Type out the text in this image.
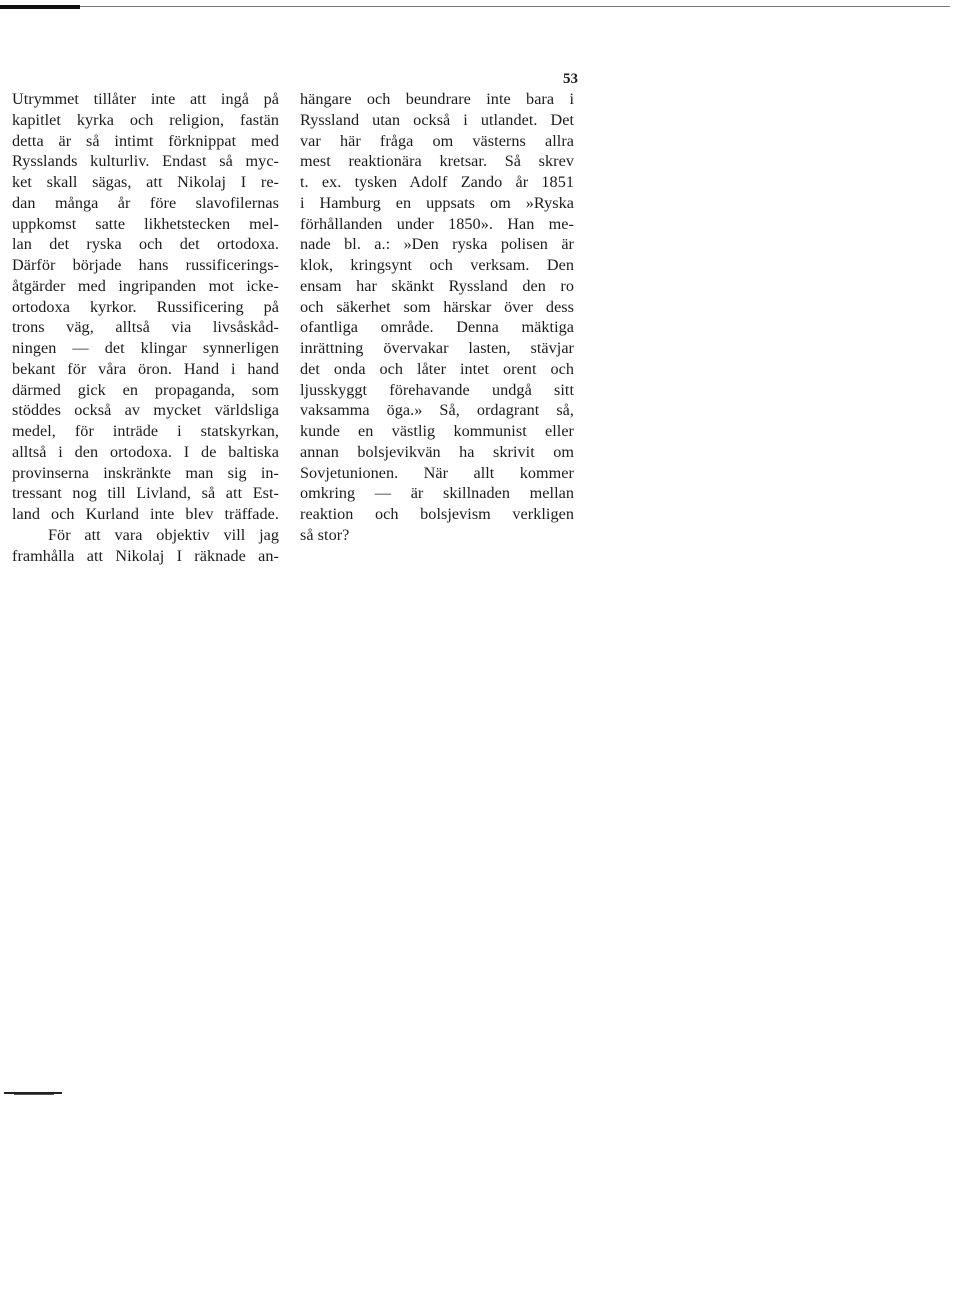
53
Utrymmet tillåter inte att ingå på
kapitlet kyrka och religion, fastän
detta är så intimt förknippat med
Rysslands kulturliv. Endast så myc-
ket skall sägas, att Nikolaj I re-
dan många år före slavofilernas
uppkomst satte likhetstecken mel-
lan det ryska och det ortodoxa.
Därför började hans russificerings-
åtgärder med ingripanden mot icke-
ortodoxa kyrkor. Russificering på
trons väg, alltså via livsåskåd-
ningen — det klingar synnerligen
bekant för våra öron. Hand i hand
därmed gick en propaganda, som
stöddes också av mycket världsliga
medel, för inträde i statskyrkan,
alltså i den ortodoxa. I de baltiska
provinserna inskränkte man sig in-
tressant nog till Livland, så att Est-
land och Kurland inte blev träffade.
För att vara objektiv vill jag
framhålla att Nikolaj I räknade an-
hängare och beundrare inte bara i
Ryssland utan också i utlandet. Det
var här fråga om västerns allra
mest reaktionära kretsar. Så skrev
t. ex. tysken Adolf Zando år 1851
i Hamburg en uppsats om »Ryska
förhållanden under 1850». Han me-
nade bl. a.: »Den ryska polisen är
klok, kringsynt och verksam. Den
ensam har skänkt Ryssland den ro
och säkerhet som härskar över dess
ofantliga område. Denna mäktiga
inrättning övervakar lasten, stävjar
det onda och låter intet orent och
ljusskyggt förehavande undgå sitt
vaksamma öga.» Så, ordagrant så,
kunde en västlig kommunist eller
annan bolsjevikvän ha skrivit om
Sovjetunionen. När allt kommer
omkring — är skillnaden mellan
reaktion och bolsjevism verkligen
så stor?
